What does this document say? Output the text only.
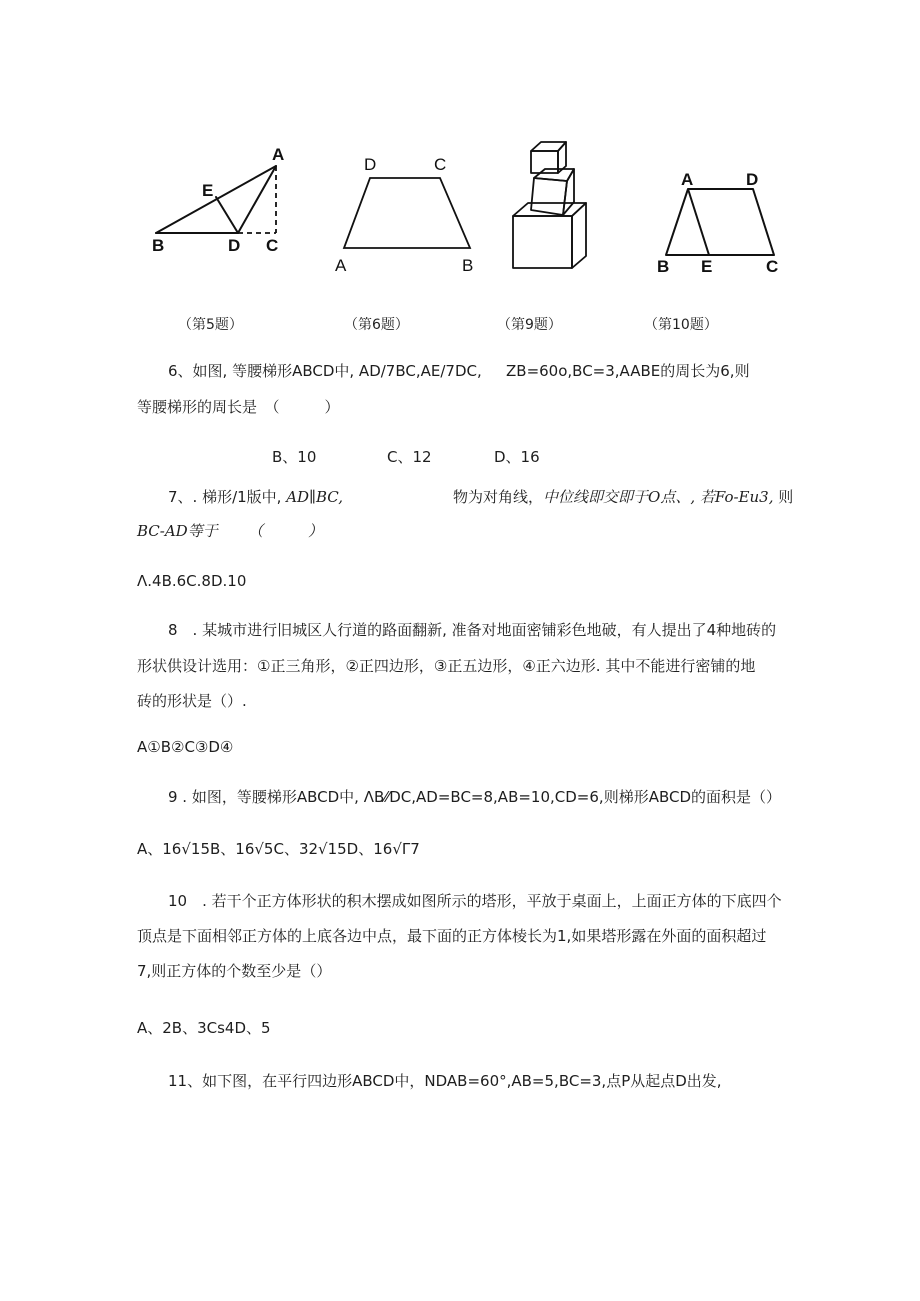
A
E
B	D C
（第5题）
D	C
A	B
（第6题）	（第9题）
A	D
B E	C
（第10题）
6、如图, 等腰梯形ABCD中, AD/7BC,AE/7DC, ZB=60o,BC=3,AABE的周长为6,则
等腰梯形的周长是　（　　　）
B、10	C、12	D、16
7、. 梯形/1版中, AD∥BC,	物为对角线，中位线即交即于O点、, 若Fo-Eu3, 则
BC-AD等于 （　　　）
Λ.4B.6C.8D.10
8　. 某城市进行旧城区人行道的路面翻新, 准备对地面密铺彩色地破，有人提出了4种地砖的
形状供设计选用：①正三角形，②正四边形，③正五边形，④正六边形. 其中不能进行密铺的地
砖的形状是（）.
A①B②C③D④
9 . 如图，等腰梯形ABCD中, ΛB⁄⁄DC,AD=BC=8,AB=10,CD=6,则梯形ABCD的面积是（）
A、16√15B、16√5C、32√15D、16√Γ7
10　. 若干个正方体形状的积木摆成如图所示的塔形，平放于桌面上，上面正方体的下底四个
顶点是下面相邻正方体的上底各边中点，最下面的正方体棱长为1,如果塔形露在外面的面积超过
7,则正方体的个数至少是（）
A、2B、3Cs4D、5
11、如下图，在平行四边形ABCD中，NDAB=60°,AB=5,BC=3,点P从起点D出发,
